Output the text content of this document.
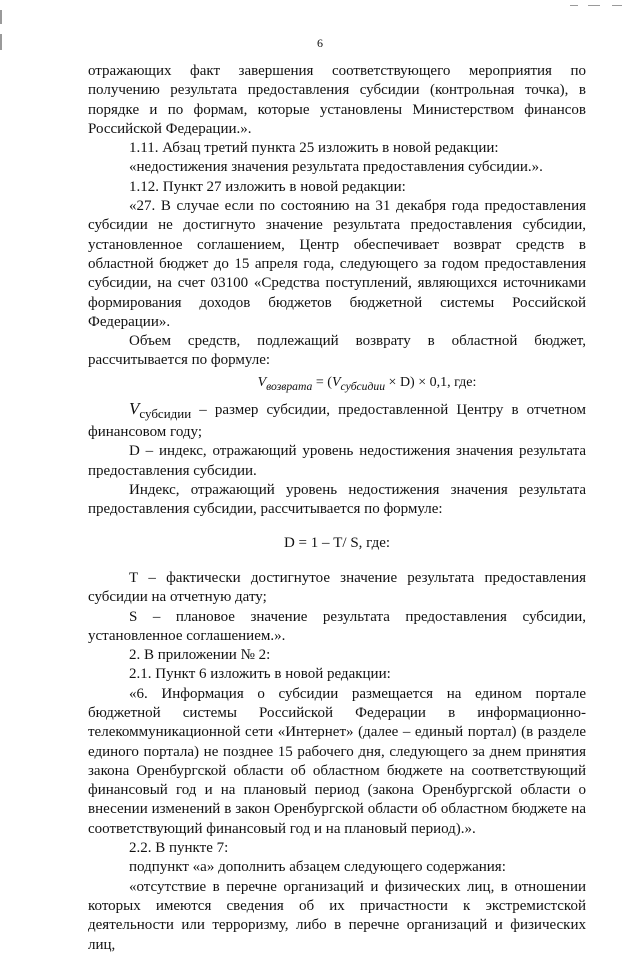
6

отражающих факт завершения соответствующего мероприятия по получению результата предоставления субсидии (контрольная точка), в порядке и по формам, которые установлены Министерством финансов Российской Федерации.».

1.11. Абзац третий пункта 25 изложить в новой редакции:

«недостижения значения результата предоставления субсидии.».

1.12. Пункт 27 изложить в новой редакции:

«27. В случае если по состоянию на 31 декабря года предоставления субсидии не достигнуто значение результата предоставления субсидии, установленное соглашением, Центр обеспечивает возврат средств в областной бюджет до 15 апреля года, следующего за годом предоставления субсидии, на счет 03100 «Средства поступлений, являющихся источниками формирования доходов бюджетов бюджетной системы Российской Федерации».

Объем средств, подлежащий возврату в областной бюджет, рассчитывается по формуле:

$V_{возврата} = (V_{субсидии} \times D) \times 0,1$, где:

$V_{субсидии}$ – размер субсидии, предоставленной Центру в отчетном финансовом году;

D – индекс, отражающий уровень недостижения значения результата предоставления субсидии.

Индекс, отражающий уровень недостижения значения результата предоставления субсидии, рассчитывается по формуле:

D = 1 – Т/ S, где:

Т – фактически достигнутое значение результата предоставления субсидии на отчетную дату;

S – плановое значение результата предоставления субсидии, установленное соглашением.».

2. В приложении № 2:

2.1. Пункт 6 изложить в новой редакции:

«6. Информация о субсидии размещается на едином портале бюджетной системы Российской Федерации в информационно-телекоммуникационной сети «Интернет» (далее – единый портал) (в разделе единого портала) не позднее 15 рабочего дня, следующего за днем принятия закона Оренбургской области об областном бюджете на соответствующий финансовый год и на плановый период (закона Оренбургской области о внесении изменений в закон Оренбургской области об областном бюджете на соответствующий финансовый год и на плановый период).».

2.2. В пункте 7:

подпункт «а» дополнить абзацем следующего содержания:

«отсутствие в перечне организаций и физических лиц, в отношении которых имеются сведения об их причастности к экстремистской деятельности или терроризму, либо в перечне организаций и физических лиц,
